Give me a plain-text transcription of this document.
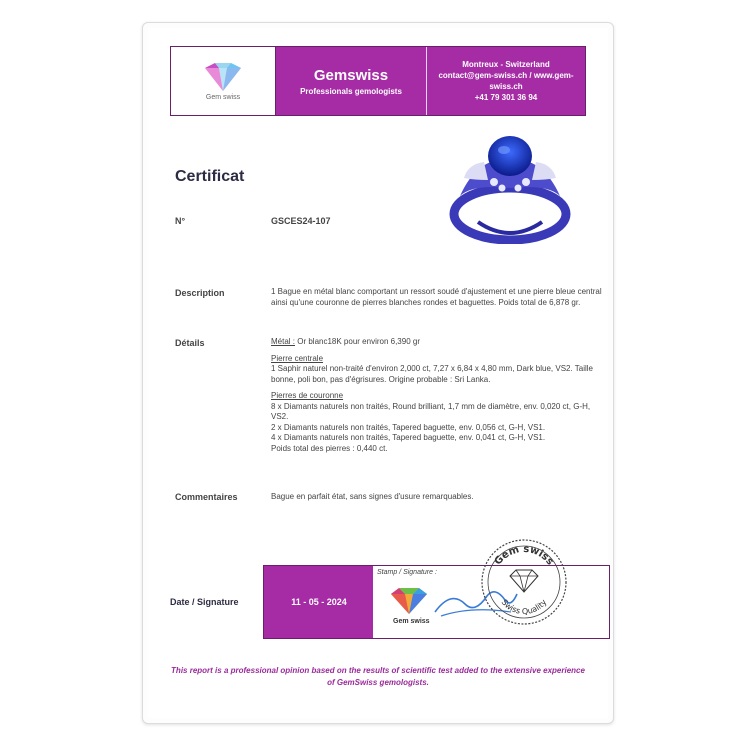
Gem swiss
Gemswiss
Professionals gemologists
Montreux - Switzerland
contact@gem-swiss.ch / www.gem-
swiss.ch
+41 79 301 36 94
Certificat
N°	GSCES24-107
Description	1 Bague en métal blanc comportant un ressort soudé d'ajustement et une pierre bleue central ainsi qu'une couronne de pierres blanches rondes et baguettes. Poids total de 6,878 gr.
Détails	Métal : Or blanc18K pour environ 6,390 gr

Pierre centrale

1 Saphir naturel non-traité d'environ 2,000 ct, 7,27 x 6,84 x 4,80 mm, Dark blue, VS2. Taille bonne, poli bon, pas d'égrisures. Origine probable : Sri Lanka.

Pierres de couronne

8 x Diamants naturels non traités, Round brilliant, 1,7 mm de diamètre, env. 0,020 ct, G-H, VS2.

2 x Diamants naturels non traités, Tapered baguette, env. 0,056 ct, G-H, VS1.

4 x Diamants naturels non traités, Tapered baguette, env. 0,041 ct, G-H, VS1.

Poids total des pierres : 0,440 ct.

Commentaires	Bague en parfait état, sans signes d'usure remarquables.
Date / Signature	11 - 05 - 2024
Stamp / Signature :
Gem swiss
Gem swiss
Swiss Quality
This report is a professional opinion based on the results of scientific test added to the extensive experience of GemSwiss gemologists.
